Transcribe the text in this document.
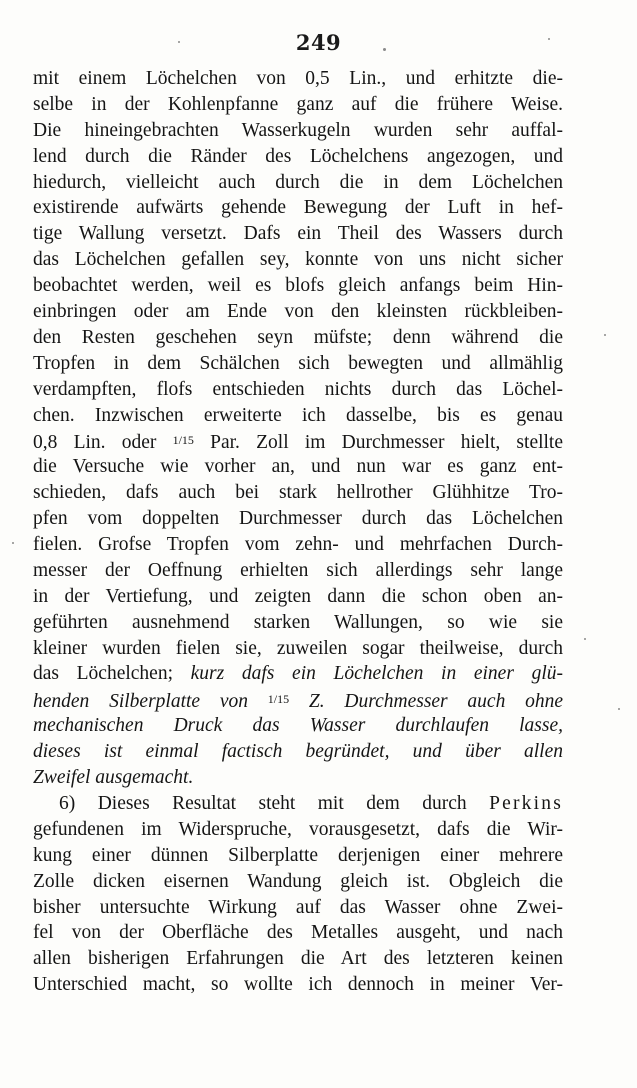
249
mit einem Löchelchen von 0,5 Lin., und erhitzte die-
selbe in der Kohlenpfanne ganz auf die frühere Weise.
Die hineingebrachten Wasserkugeln wurden sehr auffal-
lend durch die Ränder des Löchelchens angezogen, und
hiedurch, vielleicht auch durch die in dem Löchelchen
existirende aufwärts gehende Bewegung der Luft in hef-
tige Wallung versetzt. Dafs ein Theil des Wassers durch
das Löchelchen gefallen sey, konnte von uns nicht sicher
beobachtet werden, weil es blofs gleich anfangs beim Hin-
einbringen oder am Ende von den kleinsten rückbleiben-
den Resten geschehen seyn müfste; denn während die
Tropfen in dem Schälchen sich bewegten und allmählig
verdampften, flofs entschieden nichts durch das Löchel-
chen. Inzwischen erweiterte ich dasselbe, bis es genau
0,8 Lin. oder $^{1/15}$ Par. Zoll im Durchmesser hielt, stellte
die Versuche wie vorher an, und nun war es ganz ent-
schieden, dafs auch bei stark hellrother Glühhitze Tro-
pfen vom doppelten Durchmesser durch das Löchelchen
fielen. Grofse Tropfen vom zehn- und mehrfachen Durch-
messer der Oeffnung erhielten sich allerdings sehr lange
in der Vertiefung, und zeigten dann die schon oben an-
geführten ausnehmend starken Wallungen, so wie sie
kleiner wurden fielen sie, zuweilen sogar theilweise, durch
das Löchelchen; kurz dafs ein Löchelchen in einer glü-
henden Silberplatte von $^{1/15}$ Z. Durchmesser auch ohne
mechanischen Druck das Wasser durchlaufen lasse,
dieses ist einmal factisch begründet, und über allen
Zweifel ausgemacht.
6) Dieses Resultat steht mit dem durch Perkins
gefundenen im Widerspruche, vorausgesetzt, dafs die Wir-
kung einer dünnen Silberplatte derjenigen einer mehrere
Zolle dicken eisernen Wandung gleich ist. Obgleich die
bisher untersuchte Wirkung auf das Wasser ohne Zwei-
fel von der Oberfläche des Metalles ausgeht, und nach
allen bisherigen Erfahrungen die Art des letzteren keinen
Unterschied macht, so wollte ich dennoch in meiner Ver-
